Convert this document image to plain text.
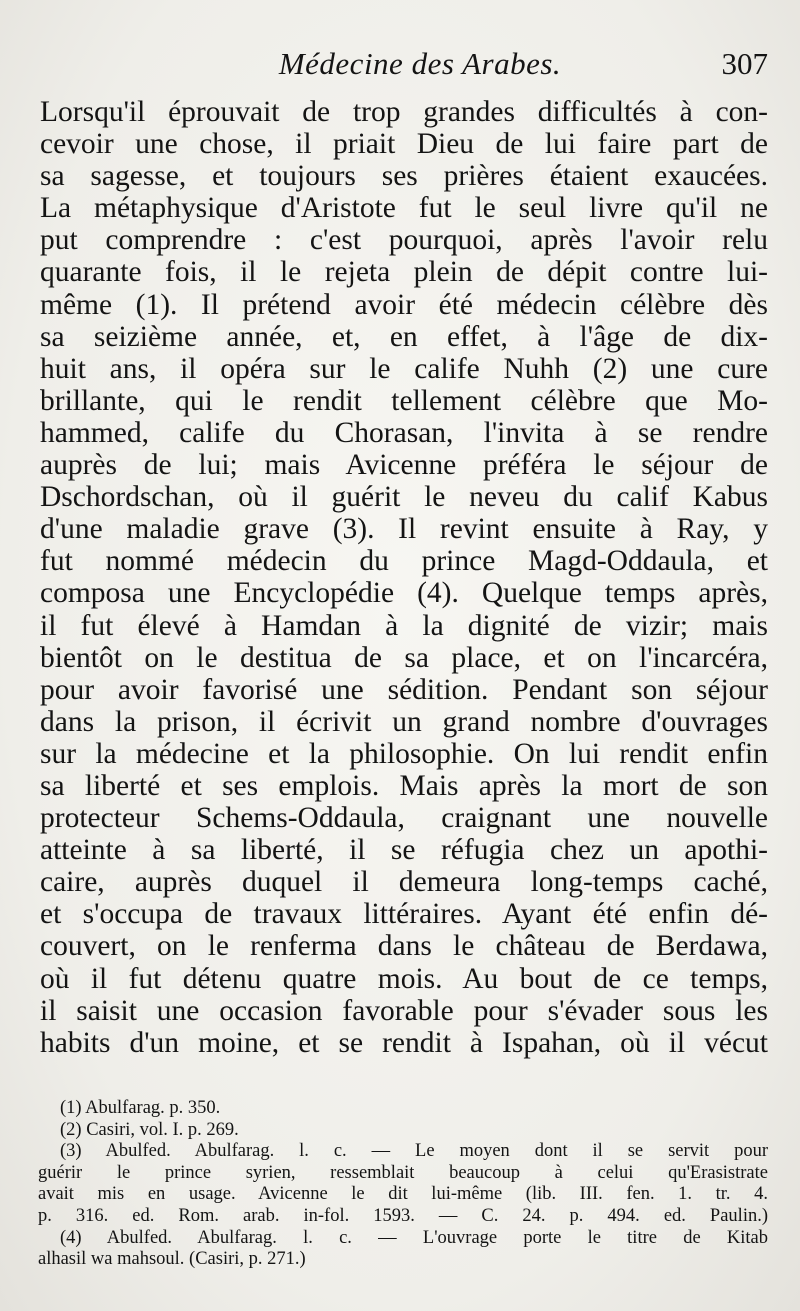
Médecine des Arabes.	307
Lorsqu'il éprouvait de trop grandes difficultés à con-
cevoir une chose, il priait Dieu de lui faire part de
sa sagesse, et toujours ses prières étaient exaucées.
La métaphysique d'Aristote fut le seul livre qu'il ne
put comprendre : c'est pourquoi, après l'avoir relu
quarante fois, il le rejeta plein de dépit contre lui-
même (1). Il prétend avoir été médecin célèbre dès
sa seizième année, et, en effet, à l'âge de dix-
huit ans, il opéra sur le calife Nuhh (2) une cure
brillante, qui le rendit tellement célèbre que Mo-
hammed, calife du Chorasan, l'invita à se rendre
auprès de lui; mais Avicenne préféra le séjour de
Dschordschan, où il guérit le neveu du calif Kabus
d'une maladie grave (3). Il revint ensuite à Ray, y
fut nommé médecin du prince Magd-Oddaula, et
composa une Encyclopédie (4). Quelque temps après,
il fut élevé à Hamdan à la dignité de vizir; mais
bientôt on le destitua de sa place, et on l'incarcéra,
pour avoir favorisé une sédition. Pendant son séjour
dans la prison, il écrivit un grand nombre d'ouvrages
sur la médecine et la philosophie. On lui rendit enfin
sa liberté et ses emplois. Mais après la mort de son
protecteur Schems-Oddaula, craignant une nouvelle
atteinte à sa liberté, il se réfugia chez un apothi-
caire, auprès duquel il demeura long-temps caché,
et s'occupa de travaux littéraires. Ayant été enfin dé-
couvert, on le renferma dans le château de Berdawa,
où il fut détenu quatre mois. Au bout de ce temps,
il saisit une occasion favorable pour s'évader sous les
habits d'un moine, et se rendit à Ispahan, où il vécut
(1) Abulfarag. p. 350.
(2) Casiri, vol. I. p. 269.
(3) Abulfed. Abulfarag. l. c. — Le moyen dont il se servit pour
guérir le prince syrien, ressemblait beaucoup à celui qu'Erasistrate
avait mis en usage. Avicenne le dit lui-même (lib. III. fen. 1. tr. 4.
p. 316. ed. Rom. arab. in-fol. 1593. — C. 24. p. 494. ed. Paulin.)
(4) Abulfed. Abulfarag. l. c. — L'ouvrage porte le titre de Kitab
alhasil wa mahsoul. (Casiri, p. 271.)
